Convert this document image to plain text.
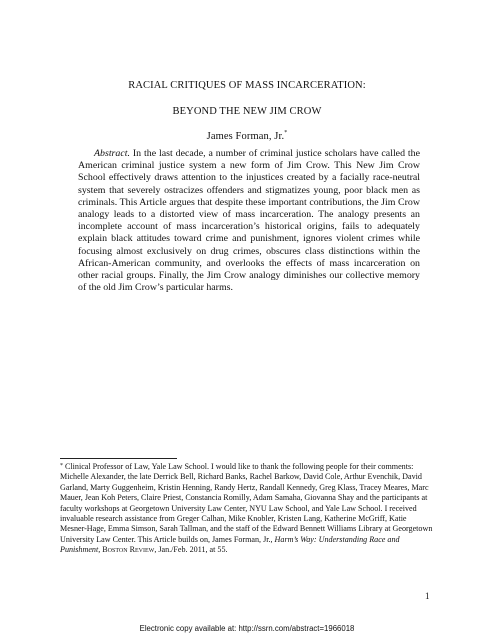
RACIAL CRITIQUES OF MASS INCARCERATION:
BEYOND THE NEW JIM CROW
James Forman, Jr.*

Abstract. In the last decade, a number of criminal justice scholars have called the American criminal justice system a new form of Jim Crow. This New Jim Crow School effectively draws attention to the injustices created by a facially race-neutral system that severely ostracizes offenders and stigmatizes young, poor black men as criminals. This Article argues that despite these important contributions, the Jim Crow analogy leads to a distorted view of mass incarceration. The analogy presents an incomplete account of mass incarceration’s historical origins, fails to adequately explain black attitudes toward crime and punishment, ignores violent crimes while focusing almost exclusively on drug crimes, obscures class distinctions within the African-American community, and overlooks the effects of mass incarceration on other racial groups. Finally, the Jim Crow analogy diminishes our collective memory of the old Jim Crow’s particular harms.

* Clinical Professor of Law, Yale Law School. I would like to thank the following people for their comments: Michelle Alexander, the late Derrick Bell, Richard Banks, Rachel Barkow, David Cole, Arthur Evenchik, David Garland, Marty Guggenheim, Kristin Henning, Randy Hertz, Randall Kennedy, Greg Klass, Tracey Meares, Marc Mauer, Jean Koh Peters, Claire Priest, Constancia Romilly, Adam Samaha, Giovanna Shay and the participants at faculty workshops at Georgetown University Law Center, NYU Law School, and Yale Law School. I received invaluable research assistance from Greger Calhan, Mike Knobler, Kristen Lang, Katherine McGriff, Katie Mesner-Hage, Emma Simson, Sarah Tallman, and the staff of the Edward Bennett Williams Library at Georgetown University Law Center. This Article builds on, James Forman, Jr., Harm’s Way: Understanding Race and Punishment, Boston Review, Jan./Feb. 2011, at 55.

1
Electronic copy available at: http://ssrn.com/abstract=1966018
